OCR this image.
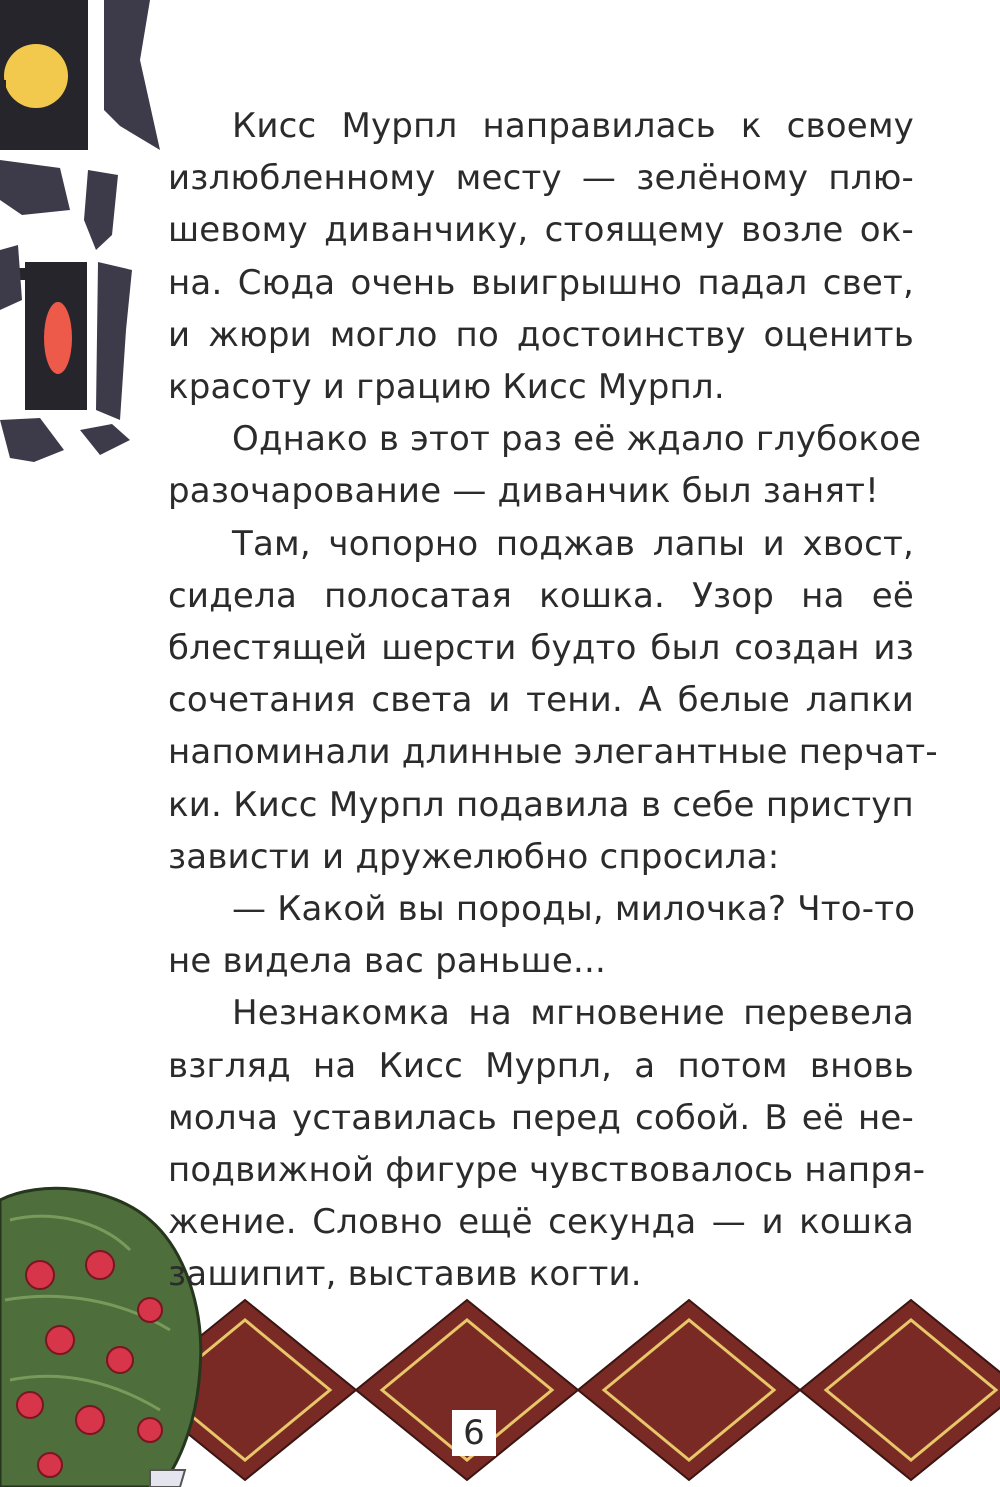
Кисс Мурпл направилась к своему
излюбленному месту — зелёному плю-
шевому диванчику, стоящему возле ок-
на. Сюда очень выигрышно падал свет,
и жюри могло по достоинству оценить
красоту и грацию Кисс Мурпл.

Однако в этот раз её ждало глубокое
разочарование — диванчик был занят!

Там, чопорно поджав лапы и хвост,
сидела полосатая кошка. Узор на её
блестящей шерсти будто был создан из
сочетания света и тени. А белые лапки
напоминали длинные элегантные перчат-
ки. Кисс Мурпл подавила в себе приступ
зависти и дружелюбно спросила:

— Какой вы породы, милочка? Что-то
не видела вас раньше...

Незнакомка на мгновение перевела
взгляд на Кисс Мурпл, а потом вновь
молча уставилась перед собой. В её не-
подвижной фигуре чувствовалось напря-
жение. Словно ещё секунда — и кошка
зашипит, выставив когти.

6
